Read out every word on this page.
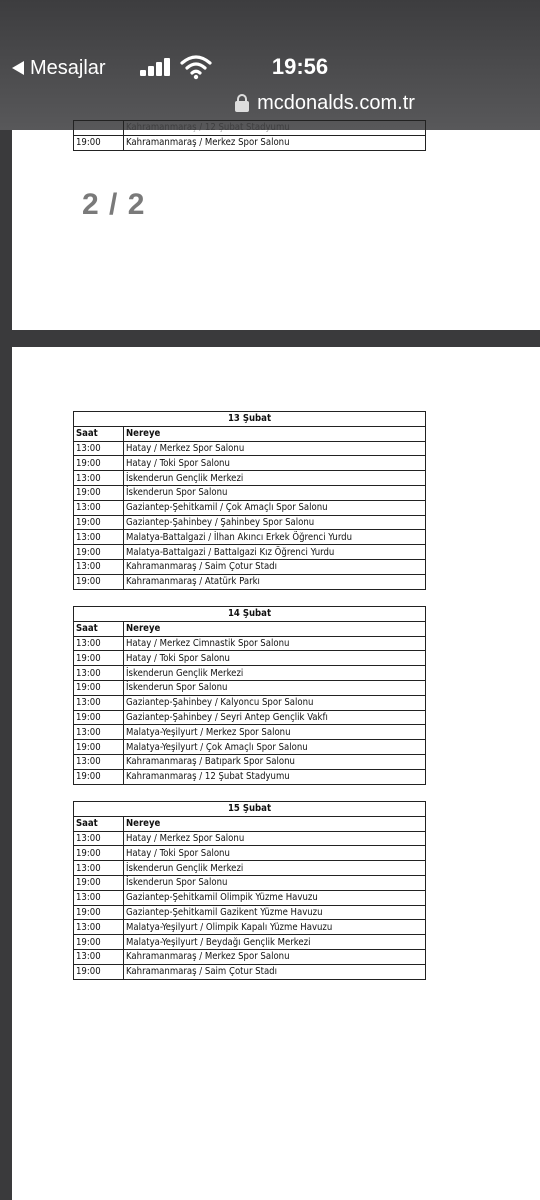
Mesajlar	19:56
mcdonalds.com.tr
	Kahramanmaraş / 12 Şubat Stadyumu
19:00	Kahramanmaraş / Merkez Spor Salonu
2 / 2
13 Şubat	
Saat	Nereye
13:00	Hatay / Merkez Spor Salonu
19:00	Hatay / Toki Spor Salonu
13:00	İskenderun Gençlik Merkezi
19:00	İskenderun Spor Salonu
13:00	Gaziantep-Şehitkamil / Çok Amaçlı Spor Salonu
19:00	Gaziantep-Şahinbey / Şahinbey Spor Salonu
13:00	Malatya-Battalgazi / İlhan Akıncı Erkek Öğrenci Yurdu
19:00	Malatya-Battalgazi / Battalgazi Kız Öğrenci Yurdu
13:00	Kahramanmaraş / Saim Çotur Stadı
19:00	Kahramanmaraş / Atatürk Parkı
14 Şubat	
Saat	Nereye
13:00	Hatay / Merkez Cimnastik Spor Salonu
19:00	Hatay / Toki Spor Salonu
13:00	İskenderun Gençlik Merkezi
19:00	İskenderun Spor Salonu
13:00	Gaziantep-Şahinbey / Kalyoncu Spor Salonu
19:00	Gaziantep-Şahinbey / Seyri Antep Gençlik Vakfı
13:00	Malatya-Yeşilyurt / Merkez Spor Salonu
19:00	Malatya-Yeşilyurt / Çok Amaçlı Spor Salonu
13:00	Kahramanmaraş / Batıpark Spor Salonu
19:00	Kahramanmaraş / 12 Şubat Stadyumu
15 Şubat	
Saat	Nereye
13:00	Hatay / Merkez Spor Salonu
19:00	Hatay / Toki Spor Salonu
13:00	İskenderun Gençlik Merkezi
19:00	İskenderun Spor Salonu
13:00	Gaziantep-Şehitkamil Olimpik Yüzme Havuzu
19:00	Gaziantep-Şehitkamil Gazikent Yüzme Havuzu
13:00	Malatya-Yeşilyurt / Olimpik Kapalı Yüzme Havuzu
19:00	Malatya-Yeşilyurt / Beydağı Gençlik Merkezi
13:00	Kahramanmaraş / Merkez Spor Salonu
19:00	Kahramanmaraş / Saim Çotur Stadı
